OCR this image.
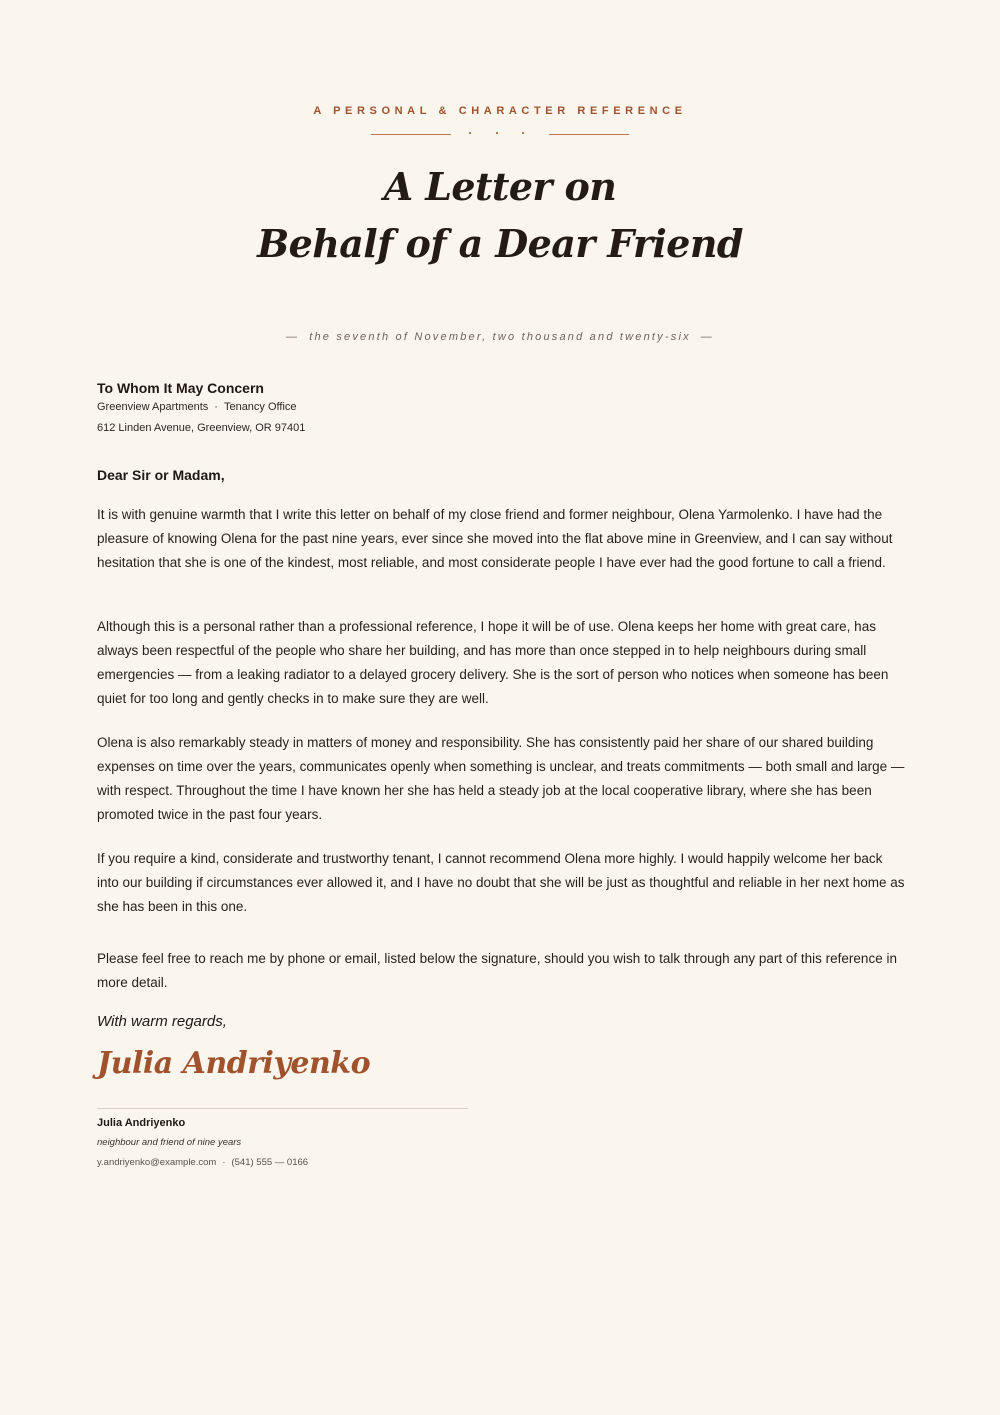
A PERSONAL & CHARACTER REFERENCE
A Letter on
Behalf of a Dear Friend
— the seventh of November, two thousand and twenty-six —
To Whom It May Concern
Greenview Apartments · Tenancy Office
612 Linden Avenue, Greenview, OR 97401
Dear Sir or Madam,

It is with genuine warmth that I write this letter on behalf of my close friend and former neighbour, Olena Yarmolenko. I have had the pleasure of knowing Olena for the past nine years, ever since she moved into the flat above mine in Greenview, and I can say without hesitation that she is one of the kindest, most reliable, and most considerate people I have ever had the good fortune to call a friend.

Although this is a personal rather than a professional reference, I hope it will be of use. Olena keeps her home with great care, has always been respectful of the people who share her building, and has more than once stepped in to help neighbours during small emergencies — from a leaking radiator to a delayed grocery delivery. She is the sort of person who notices when someone has been quiet for too long and gently checks in to make sure they are well.

Olena is also remarkably steady in matters of money and responsibility. She has consistently paid her share of our shared building expenses on time over the years, communicates openly when something is unclear, and treats commitments — both small and large — with respect. Throughout the time I have known her she has held a steady job at the local cooperative library, where she has been promoted twice in the past four years.

If you require a kind, considerate and trustworthy tenant, I cannot recommend Olena more highly. I would happily welcome her back into our building if circumstances ever allowed it, and I have no doubt that she will be just as thoughtful and reliable in her next home as she has been in this one.

Please feel free to reach me by phone or email, listed below the signature, should you wish to talk through any part of this reference in more detail.

With warm regards,
Julia Andriyenko
Julia Andriyenko
neighbour and friend of nine years
y.andriyenko@example.com · (541) 555 — 0166
